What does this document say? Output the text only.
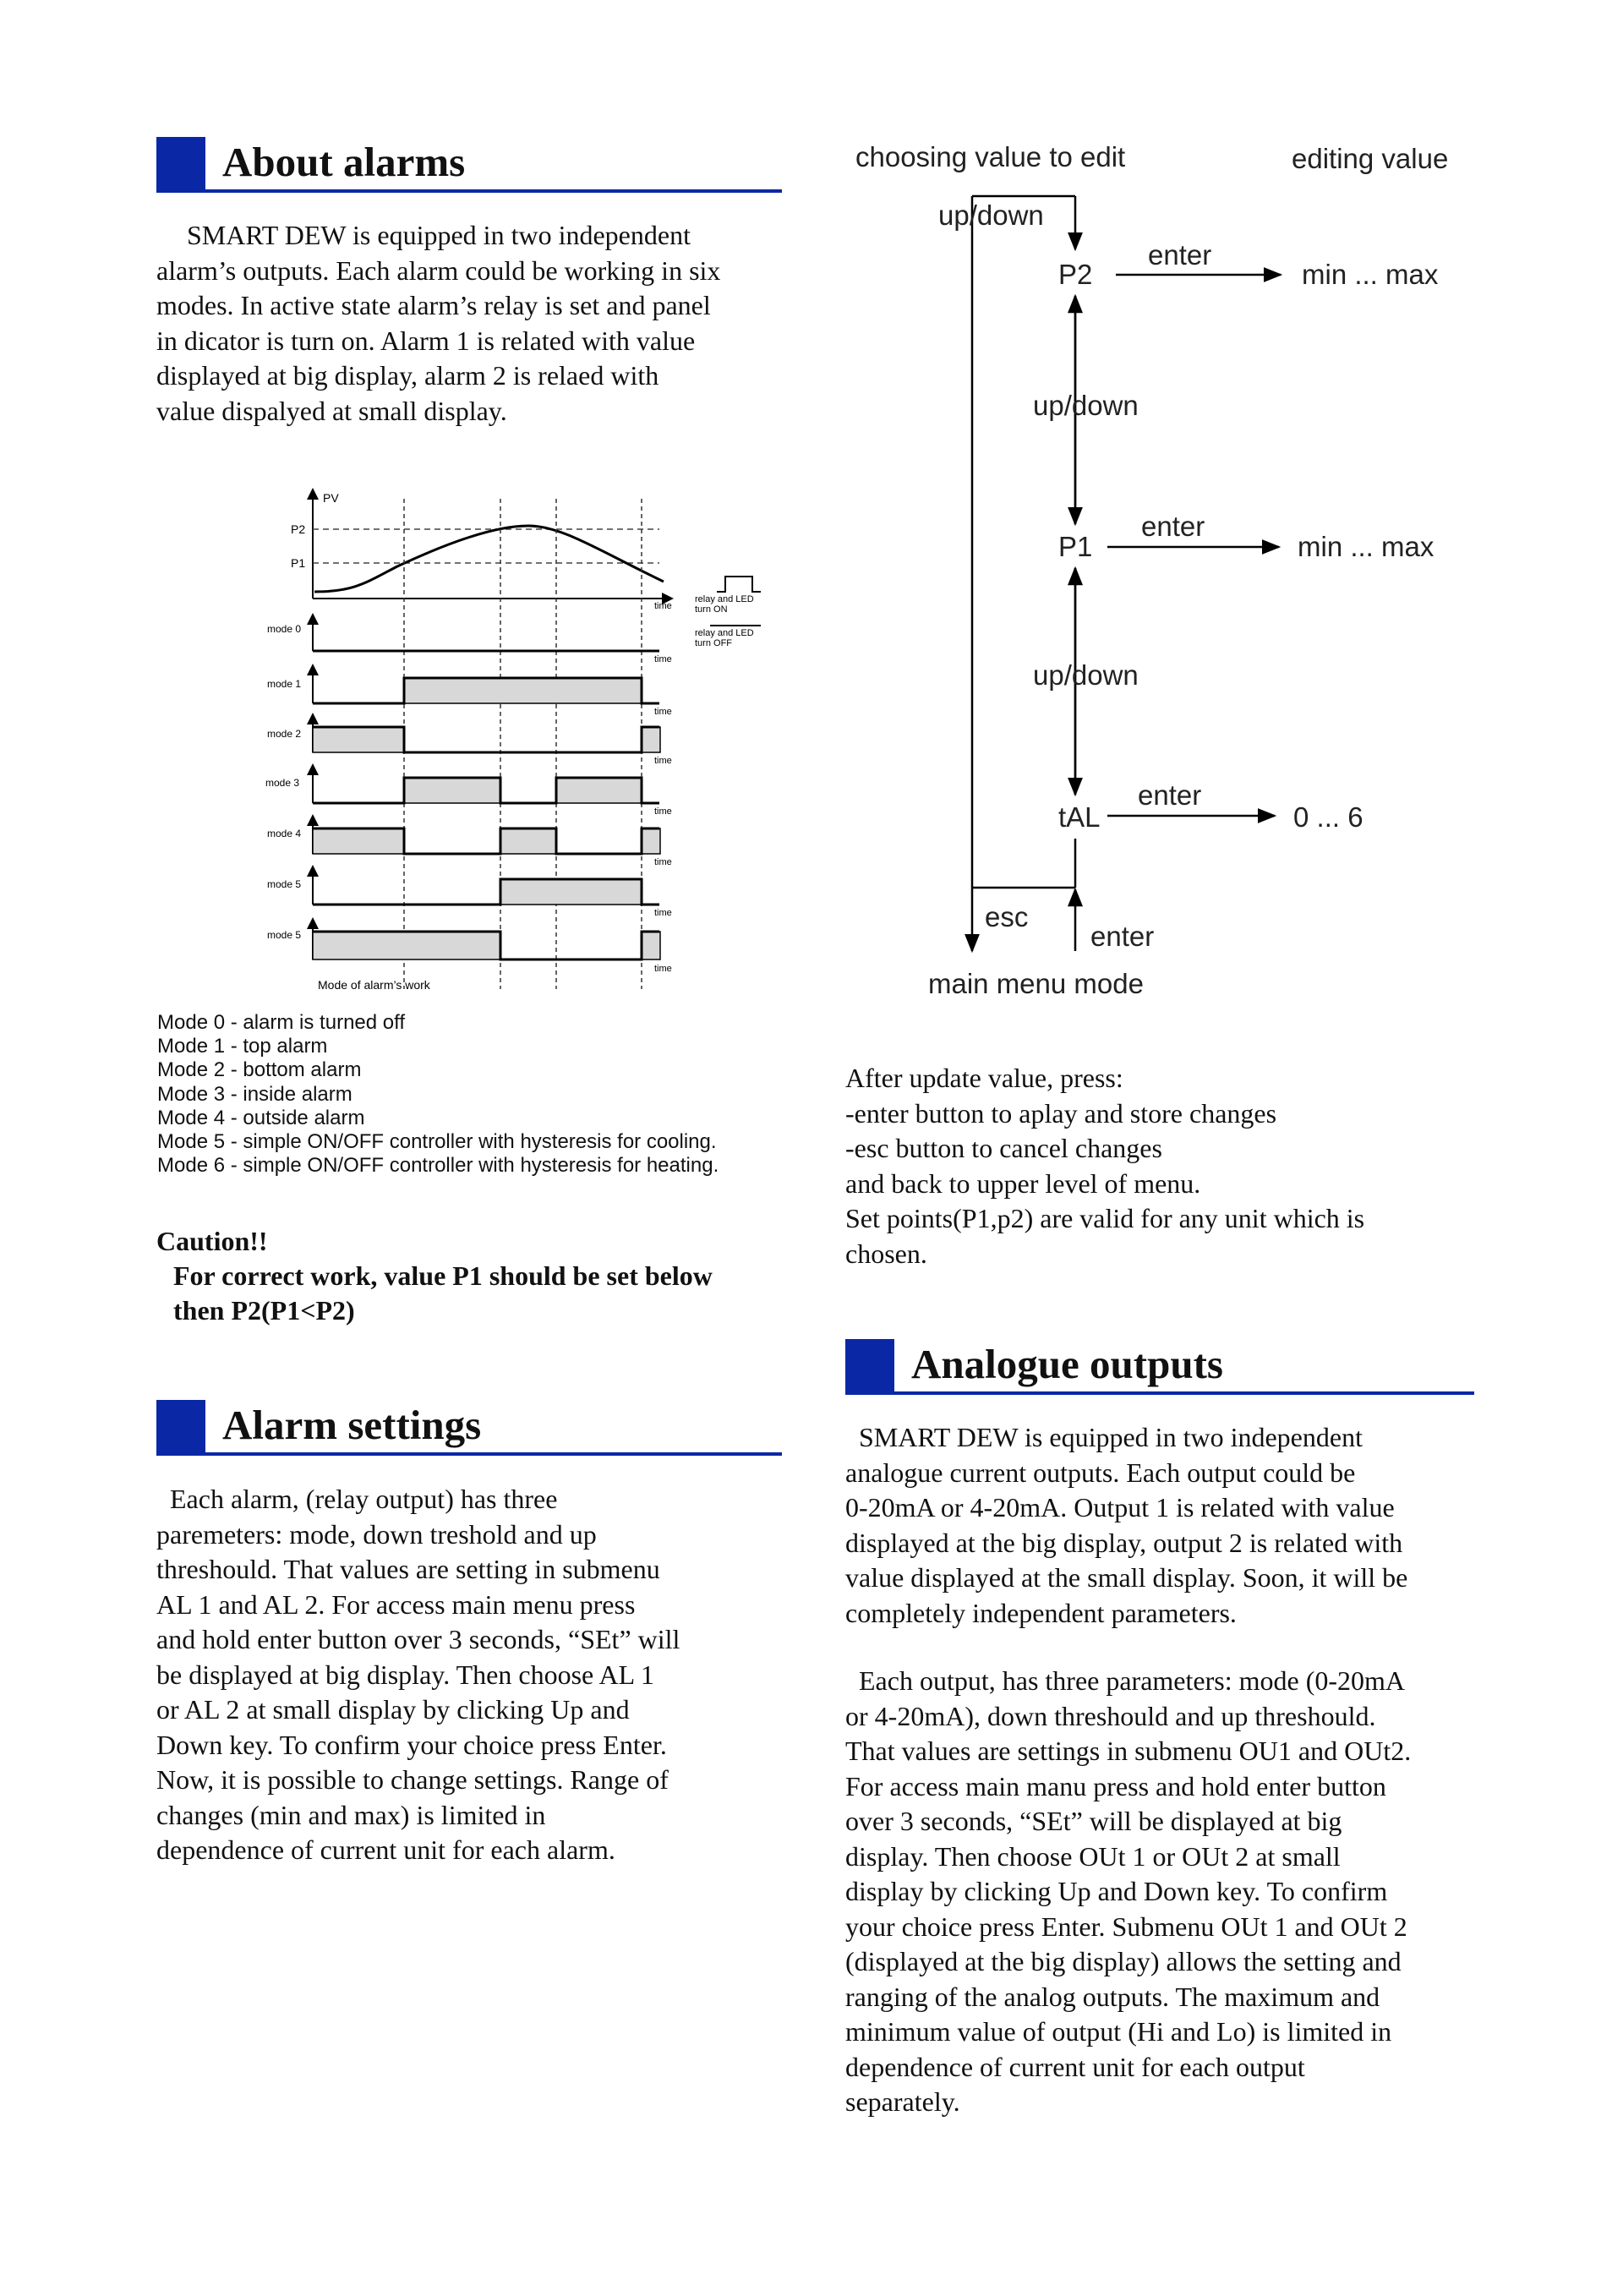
About alarms
SMART DEW is equipped in two independent
alarm’s outputs. Each alarm could be working in six
modes. In active state alarm’s relay is set and panel
in dicator is turn on. Alarm 1 is related with value
displayed at big display, alarm 2 is relaed with
value dispalyed at small display.
PV
P2
P1
time
relay and LED
turn ON
relay and LED
turn OFF
mode 0
time
mode 1
time
mode 2
time
mode 3
time
mode 4
time
mode 5
time
mode 5
time
Mode of alarm’s work
Mode 0 - alarm is turned off
Mode 1 - top alarm
Mode 2 - bottom alarm
Mode 3 - inside alarm
Mode 4 - outside alarm
Mode 5 - simple ON/OFF controller with hysteresis for cooling.
Mode 6 - simple ON/OFF controller with hysteresis for heating.
Caution!!
For correct work, value P1 should be set below
then P2(P1<P2)
Alarm settings
Each alarm, (relay output) has three
paremeters: mode, down treshold and up
threshould. That values are setting in submenu
AL 1 and AL 2. For access main menu press
and hold enter button over 3 seconds, “SEt” will
be displayed at big display. Then choose AL 1
or AL 2 at small display by clicking Up and
Down key. To confirm your choice press Enter.
Now, it is possible to change settings. Range of
changes (min and max) is limited in
dependence of current unit for each alarm.
choosing value to edit	editing value
up/down
P2
enter
min ... max
up/down
P1
enter
min ... max
up/down
tAL
enter
0 ... 6
esc
enter
main menu mode
After update value, press:
-enter button to aplay and store changes
-esc button to cancel changes
and back to upper level of menu.
Set points(P1,p2) are valid for any unit which is
chosen.
Analogue outputs
SMART DEW is equipped in two independent
analogue current outputs. Each output could be
0-20mA or 4-20mA. Output 1 is related with value
displayed at the big display, output 2 is related with
value displayed at the small display. Soon, it will be
completely independent parameters.
Each output, has three parameters: mode (0-20mA
or 4-20mA), down threshould and up threshould.
That values are settings in submenu OU1 and OUt2.
For access main manu press and hold enter button
over 3 seconds, “SEt” will be displayed at big
display. Then choose OUt 1 or OUt 2 at small
display by clicking Up and Down key. To confirm
your choice press Enter. Submenu OUt 1 and OUt 2
(displayed at the big display) allows the setting and
ranging of the analog outputs. The maximum and
minimum value of output (Hi and Lo) is limited in
dependence of current unit for each output
separately.
